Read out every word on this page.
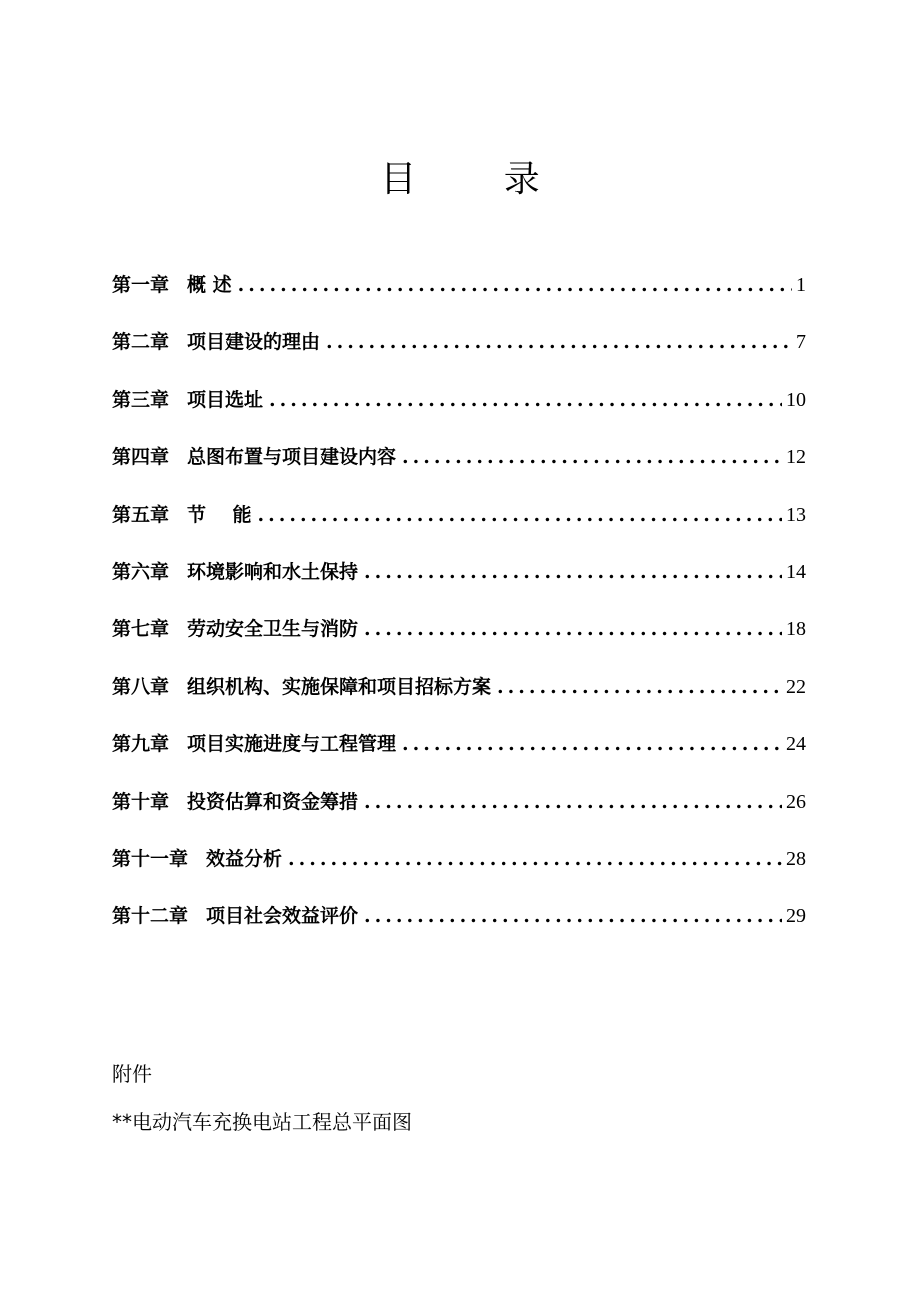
目 录
第一章 概 述 .....	1
第二章 项目建设的理由 .....	7
第三章 项目选址 .....	10
第四章 总图布置与项目建设内容 .....	12
第五章 节    能 .....	13
第六章 环境影响和水土保持 .....	14
第七章 劳动安全卫生与消防 .....	18
第八章 组织机构、实施保障和项目招标方案 .....	22
第九章 项目实施进度与工程管理 .....	24
第十章 投资估算和资金筹措 .....	26
第十一章 效益分析 .....	28
第十二章 项目社会效益评价 .....	29
附件
**电动汽车充换电站工程总平面图
